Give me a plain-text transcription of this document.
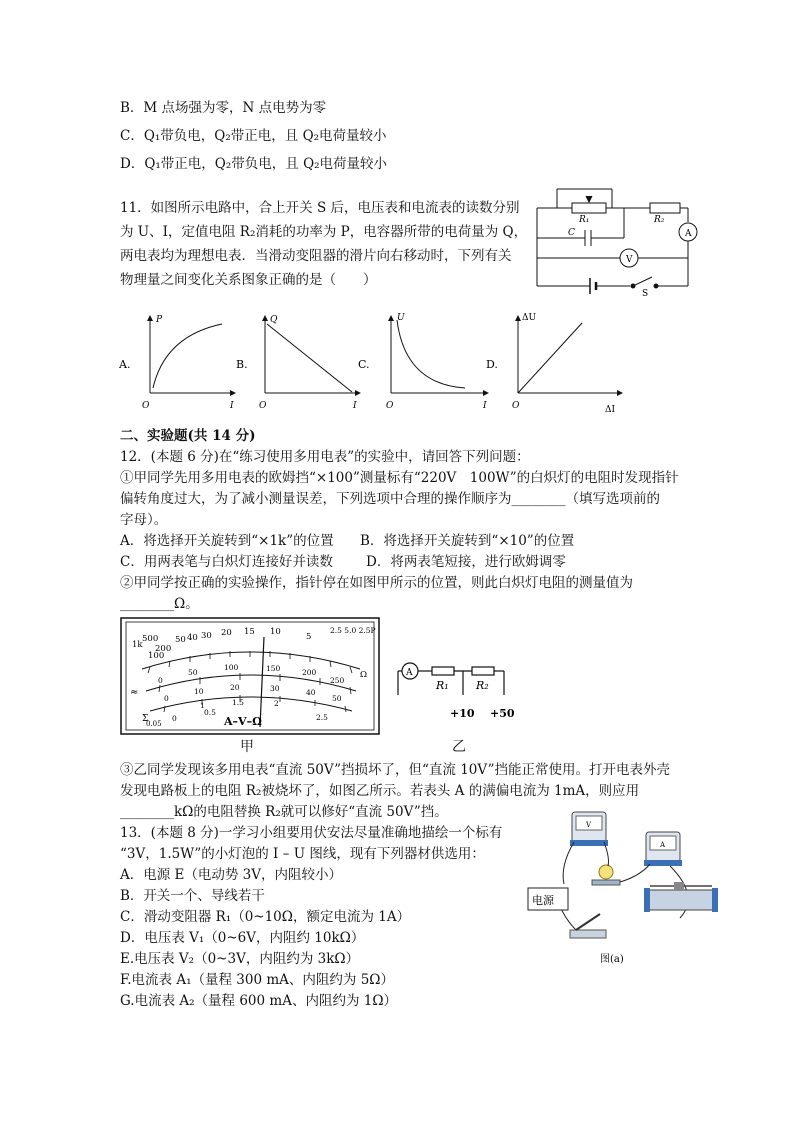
B．M 点场强为零，N 点电势为零
C．Q₁带负电，Q₂带正电，且 Q₂电荷量较小
D．Q₁带正电，Q₂带负电，且 Q₂电荷量较小
11．如图所示电路中，合上开关 S 后，电压表和电流表的读数分别
为 U、I，定值电阻 R₂消耗的功率为 P，电容器所带的电荷量为 Q，
两电表均为理想电表．当滑动变阻器的滑片向右移动时，下列有关
物理量之间变化关系图象正确的是（　　）
R₁	R₂
C	A
V
S
A.
P
I
O
B.
Q
I
O
C.
U
I
O
D.
ΔU
ΔI
O
二、实验题(共 14 分)
12．(本题 6 分)在“练习使用多用电表”的实验中，请回答下列问题：
①甲同学先用多用电表的欧姆挡“×100”测量标有“220V　100W”的白炽灯的电阻时发现指针
偏转角度过大，为了减小测量误差，下列选项中合理的操作顺序为________（填写选项前的
字母）。
A．将选择开关旋转到“×1k”的位置 B．将选择开关旋转到“×10”的位置
C．用两表笔与白炽灯连接好并读数 D．将两表笔短接，进行欧姆调零
②甲同学按正确的实验操作，指针停在如图甲所示的位置，则此白炽灯电阻的测量值为
________Ω。
1k
500
200
100
50 40 30 20 15 10	5
2.5 5.0 2.5P
Ω
0
50
100	150	200
250
0
10	20	30	40
50
0
0.5
1	1.5	2
2.5
≈
Σ
0.05	A–V–Ω
A
R₁ R₂
+10 +50
甲	乙
③乙同学发现该多用电表“直流 50V”挡损坏了，但“直流 10V”挡能正常使用。打开电表外壳
发现电路板上的电阻 R₂被烧坏了，如图乙所示。若表头 A 的满偏电流为 1mA，则应用
________kΩ的电阻替换 R₂就可以修好“直流 50V”挡。
13．(本题 8 分)一学习小组要用伏安法尽量准确地描绘一个标有
“3V，1.5W”的小灯泡的 I – U 图线，现有下列器材供选用：
A．电源 E（电动势 3V，内阻较小）
B．开关一个、导线若干
C．滑动变阻器 R₁（0~10Ω，额定电流为 1A）
D．电压表 V₁（0~6V，内阻约 10kΩ）
E.电压表 V₂（0~3V，内阻约为 3kΩ）
F.电流表 A₁（量程 300 mA、内阻约为 5Ω）
G.电流表 A₂（量程 600 mA、内阻约为 1Ω）
V
A
电源
图(a)
